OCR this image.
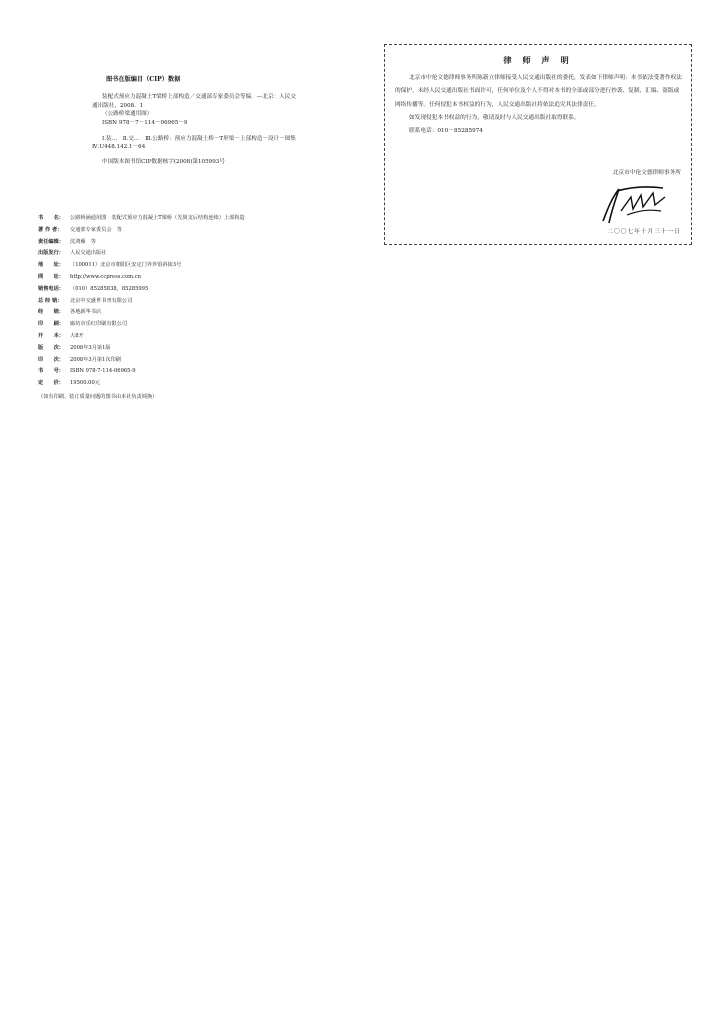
图书在版编目（CIP）数据

装配式预应力混凝土T梁桥上部构造／交通部专家委员会等编．—北京：人民交通出版社，2008．1

（公路桥梁通用图）

ISBN 978－7－114－06965－9

Ⅰ.装…　Ⅱ.交…　Ⅲ.公路桥：预应力混凝土桥－T形梁－上部构造－设计－图集　Ⅳ.U448.142.1－64

中国版本图书馆CIP数据核字(2008)第105993号

书　　名：	公路桥涵通用图　装配式预应力混凝土T梁桥（先简支后结构连续）上部构造
著 作 者：	交通部专家委员会　等
责任编辑：	沈鸿雁　等
出版发行：	人民交通出版社
地　　址：	（100011）北京市朝阳区安定门外外馆斜街3号
网　　址：	http://www.ccpress.com.cn
销售电话：	（010）85285838，85285995
总 经 销：	北京中交盛世书刊有限公司
经　　销：	各地新华书店
印　　刷：	廊坊市乐红印刷有限公司
开　　本：	大8开
版　　次：	2008年3月第1版
印　　次：	2008年3月第1次印刷
书　　号：	ISBN 978-7-114-06965-9
定　　价：	19500.00元
（如有印刷、装订质量问题的图书由本社负责调换）
律 师 声 明

北京市中伦文德律师事务所陈新立律师接受人民交通出版社的委托，发表如下律师声明：本书依法受著作权法的保护，未经人民交通出版社书面许可，任何单位及个人不得对本书的全部或部分进行抄袭、复制、汇编、盗版或网络传播等。任何侵犯本书权益的行为，人民交通出版社将依法追究其法律责任。

如发现侵犯本书权益的行为，敬请及时与人民交通出版社取得联系。

联系电话：010－85285974

北京市中伦文德律师事务所
二〇〇七年十月三十一日
